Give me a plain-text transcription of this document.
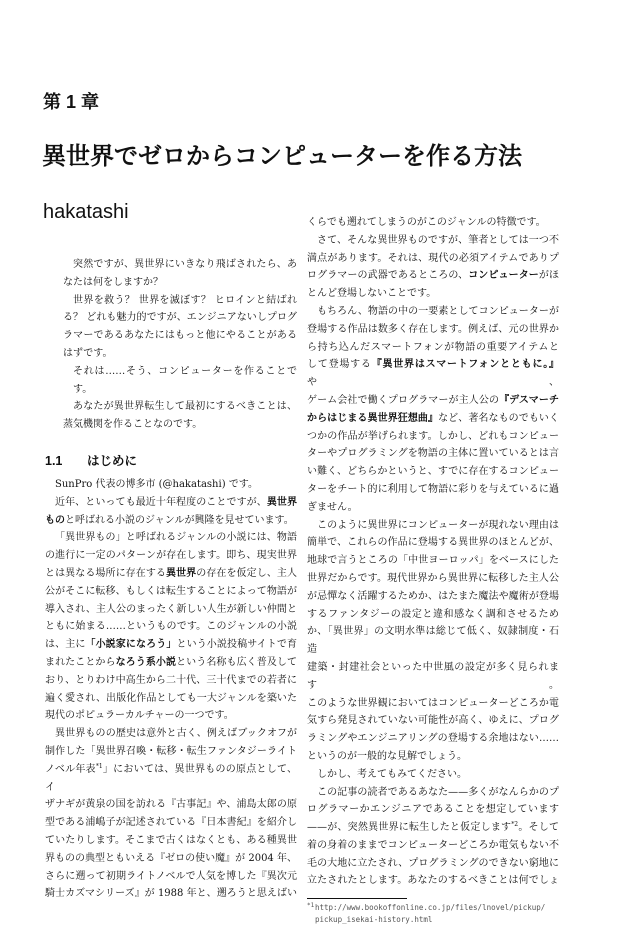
第 1 章
異世界でゼロからコンピューターを作る方法
hakatashi
突然ですが、異世界にいきなり飛ばされたら、あ
なたは何をしますか？
世界を救う？ 世界を滅ぼす？ ヒロインと結ばれ
る？ どれも魅力的ですが、エンジニアないしプログ
ラマーであるあなたにはもっと他にやることがある
はずです。
それは……そう、コンピューターを作ることです。
あなたが異世界転生して最初にするべきことは、
蒸気機関を作ることなのです。
1.1 はじめに
SunPro 代表の博多市 (@hakatashi) です。
近年、といっても最近十年程度のことですが、異世界
ものと呼ばれる小説のジャンルが興隆を見せています。
「異世界もの」と呼ばれるジャンルの小説には、物語
の進行に一定のパターンが存在します。即ち、現実世界
とは異なる場所に存在する異世界の存在を仮定し、主人
公がそこに転移、もしくは転生することによって物語が
導入され、主人公のまったく新しい人生が新しい仲間と
ともに始まる……というものです。このジャンルの小説
は、主に「小説家になろう」という小説投稿サイトで育
まれたことからなろう系小説という名称も広く普及して
おり、とりわけ中高生から二十代、三十代までの若者に
遍く愛され、出版化作品としても一大ジャンルを築いた
現代のポピュラーカルチャーの一つです。
異世界ものの歴史は意外と古く、例えばブックオフが
制作した「異世界召喚・転移・転生ファンタジーライト
ノベル年表$^{*1}$」においては、異世界ものの原点として、イ
ザナギが黄泉の国を訪れる『古事記』や、浦島太郎の原
型である浦嶋子が記述されている『日本書紀』を紹介し
ていたりします。そこまで古くはなくとも、ある種異世
界ものの典型ともいえる『ゼロの使い魔』が 2004 年、
さらに遡って初期ライトノベルで人気を博した『異次元
騎士カズマシリーズ』が 1988 年と、遡ろうと思えばい
くらでも遡れてしまうのがこのジャンルの特徴です。
さて、そんな異世界ものですが、筆者としては一つ不
満点があります。それは、現代の必須アイテムでありプ
ログラマーの武器であるところの、コンピューターがほ
とんど登場しないことです。
もちろん、物語の中の一要素としてコンピューターが
登場する作品は数多く存在します。例えば、元の世界か
ら持ち込んだスマートフォンが物語の重要アイテムと
して登場する『異世界はスマートフォンとともに。』や、
ゲーム会社で働くプログラマーが主人公の『デスマーチ
からはじまる異世界狂想曲』など、著名なものでもいく
つかの作品が挙げられます。しかし、どれもコンピュー
ターやプログラミングを物語の主体に置いているとは言
い難く、どちらかというと、すでに存在するコンピュー
ターをチート的に利用して物語に彩りを与えているに過
ぎません。
このように異世界にコンピューターが現れない理由は
簡単で、これらの作品に登場する異世界のほとんどが、
地球で言うところの「中世ヨーロッパ」をベースにした
世界だからです。現代世界から異世界に転移した主人公
が忌憚なく活躍するためか、はたまた魔法や魔術が登場
するファンタジーの設定と違和感なく調和させるため
か、「異世界」の文明水準は総じて低く、奴隷制度・石造
建築・封建社会といった中世風の設定が多く見られます。
このような世界観においてはコンピューターどころか電
気すら発見されていない可能性が高く、ゆえに、プログ
ラミングやエンジニアリングの登場する余地はない……
というのが一般的な見解でしょう。
しかし、考えてもみてください。
この記事の読者であるあなた——多くがなんらかのプ
ログラマーかエンジニアであることを想定しています
——が、突然異世界に転生したと仮定します$^{*2}$。そして
着の身着のままでコンピューターどころか電気もない不
毛の大地に立たされ、プログラミングのできない窮地に
立たされたとします。あなたのするべきことは何でしょ
*1 http://www.bookoffonline.co.jp/files/lnovel/pickup/
pickup_isekai-history.html
